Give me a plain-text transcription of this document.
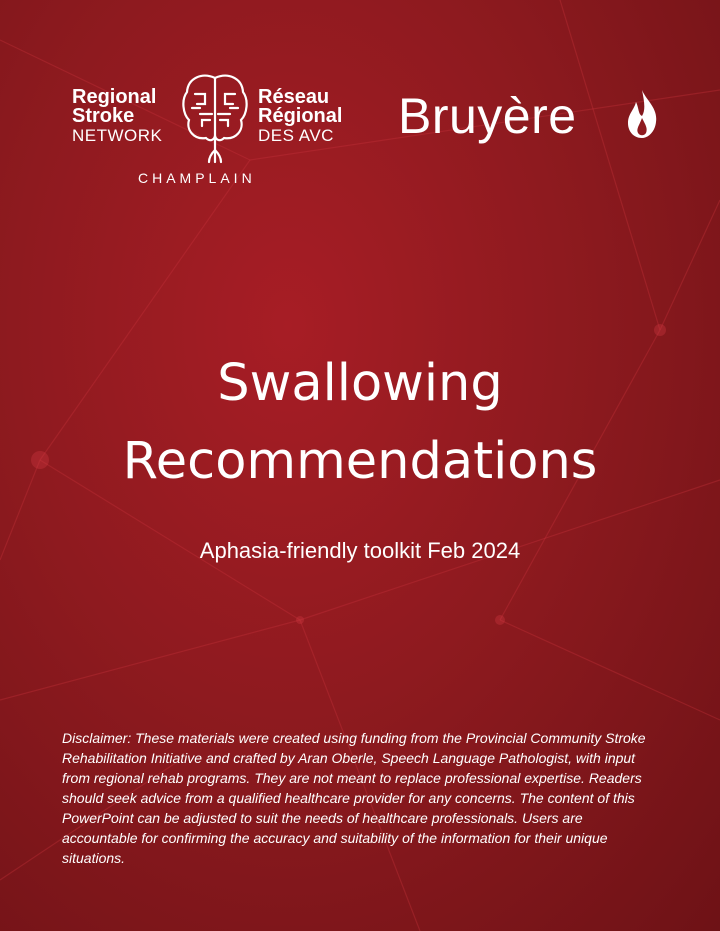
Regional
Stroke
NETWORK
Réseau
Régional
DES AVC
CHAMPLAIN
Bruyère
Swallowing
Recommendations
Aphasia-friendly toolkit Feb 2024

Disclaimer: These materials were created using funding from the Provincial Community Stroke Rehabilitation Initiative and crafted by Aran Oberle, Speech Language Pathologist, with input from regional rehab programs. They are not meant to replace professional expertise. Readers should seek advice from a qualified healthcare provider for any concerns. The content of this PowerPoint can be adjusted to suit the needs of healthcare professionals. Users are accountable for confirming the accuracy and suitability of the information for their unique situations.
